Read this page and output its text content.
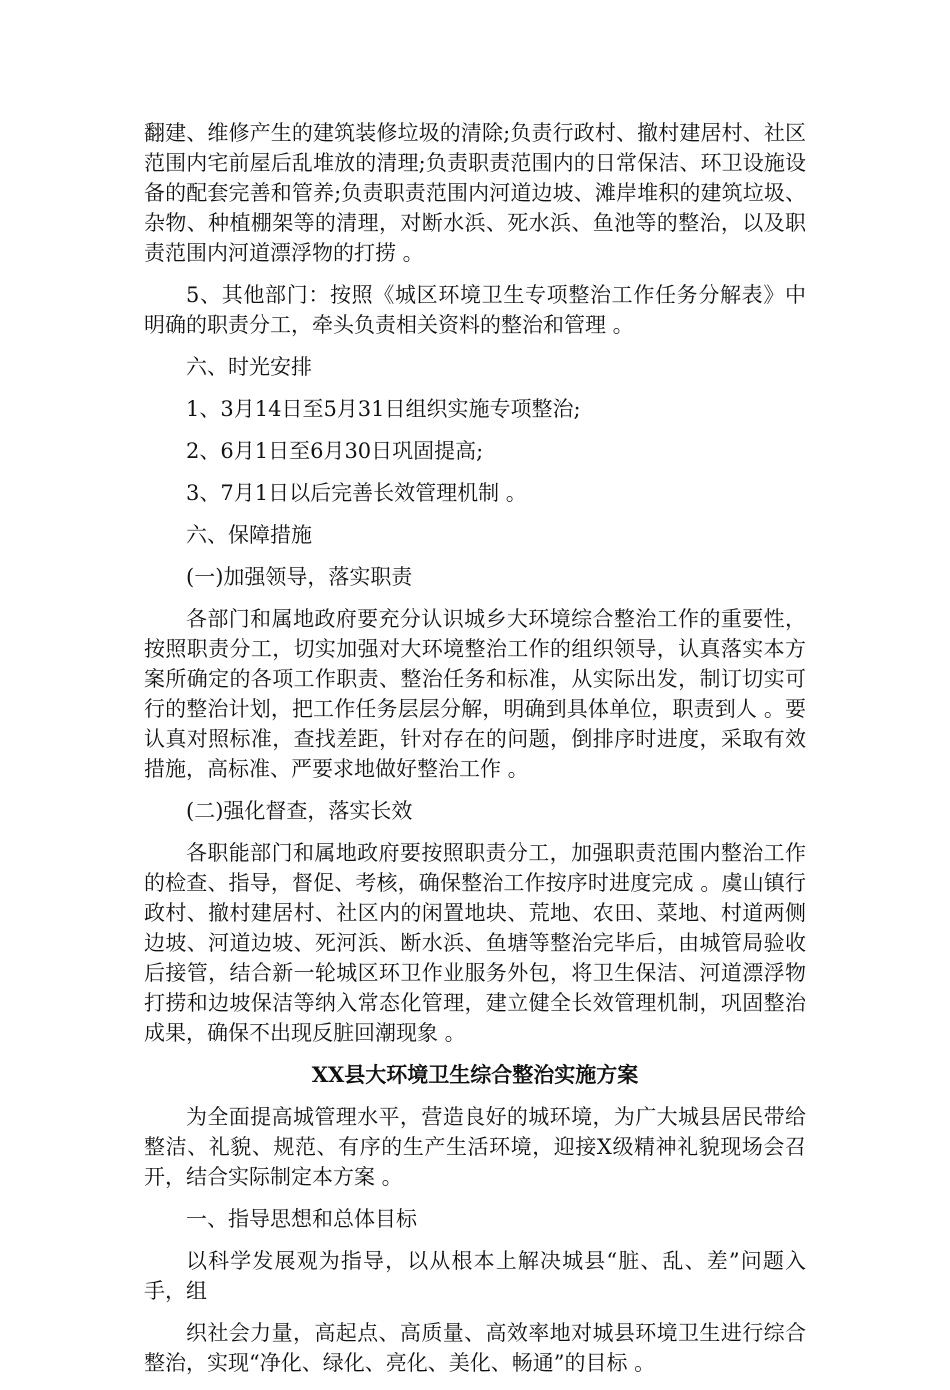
翻建、维修产生的建筑装修垃圾的清除;负责行政村、撤村建居村、社区范围内宅前屋后乱堆放的清理;负责职责范围内的日常保洁、环卫设施设备的配套完善和管养;负责职责范围内河道边坡、滩岸堆积的建筑垃圾、杂物、种植棚架等的清理，对断水浜、死水浜、鱼池等的整治，以及职责范围内河道漂浮物的打捞 。

5、其他部门：按照《城区环境卫生专项整治工作任务分解表》中明确的职责分工，牵头负责相关资料的整治和管理 。

六、时光安排

1、3月14日至5月31日组织实施专项整治;

2、6月1日至6月30日巩固提高;

3、7月1日以后完善长效管理机制 。

六、保障措施

(一)加强领导，落实职责

各部门和属地政府要充分认识城乡大环境综合整治工作的重要性，按照职责分工，切实加强对大环境整治工作的组织领导，认真落实本方案所确定的各项工作职责、整治任务和标准，从实际出发，制订切实可行的整治计划，把工作任务层层分解，明确到具体单位，职责到人 。要认真对照标准，查找差距，针对存在的问题，倒排序时进度，采取有效措施，高标准、严要求地做好整治工作 。

(二)强化督查，落实长效

各职能部门和属地政府要按照职责分工，加强职责范围内整治工作的检查、指导，督促、考核，确保整治工作按序时进度完成 。虞山镇行政村、撤村建居村、社区内的闲置地块、荒地、农田、菜地、村道两侧边坡、河道边坡、死河浜、断水浜、鱼塘等整治完毕后，由城管局验收后接管，结合新一轮城区环卫作业服务外包，将卫生保洁、河道漂浮物打捞和边坡保洁等纳入常态化管理，建立健全长效管理机制，巩固整治成果，确保不出现反脏回潮现象 。

XX县大环境卫生综合整治实施方案

为全面提高城管理水平，营造良好的城环境，为广大城县居民带给整洁、礼貌、规范、有序的生产生活环境，迎接X级精神礼貌现场会召开，结合实际制定本方案 。

一、指导思想和总体目标

以科学发展观为指导，以从根本上解决城县“脏、乱、差”问题入手，组

织社会力量，高起点、高质量、高效率地对城县环境卫生进行综合整治，实现“净化、绿化、亮化、美化、畅通”的目标 。
